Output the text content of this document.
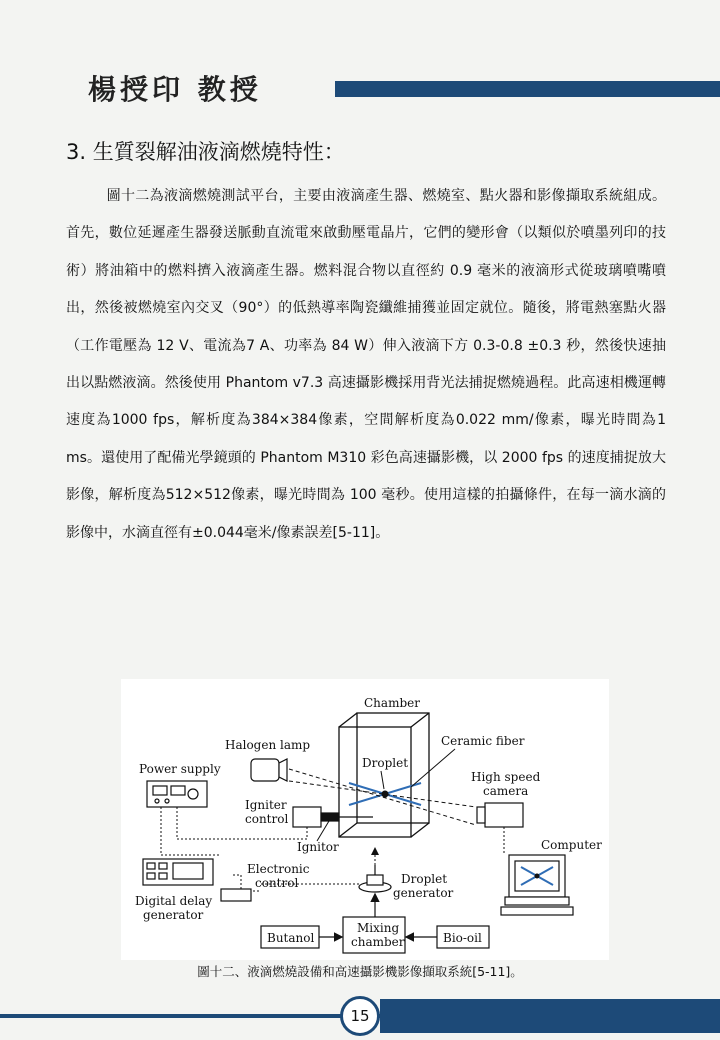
楊授印 教授
3. 生質裂解油液滴燃燒特性：

圖十二為液滴燃燒測試平台，主要由液滴產生器、燃燒室、點火器和影像擷取系統組成。首先，數位延遲產生器發送脈動直流電來啟動壓電晶片，它們的變形會（以類似於噴墨列印的技術）將油箱中的燃料擠入液滴產生器。燃料混合物以直徑約 0.9 毫米的液滴形式從玻璃噴嘴噴出，然後被燃燒室內交叉（90°）的低熱導率陶瓷纖維捕獲並固定就位。隨後，將電熱塞點火器（工作電壓為 12 V、電流為7 A、功率為 84 W）伸入液滴下方 0.3-0.8 ±0.3 秒，然後快速抽出以點燃液滴。然後使用 Phantom v7.3 高速攝影機採用背光法捕捉燃燒過程。此高速相機運轉速度為1000 fps，解析度為384×384像素，空間解析度為0.022 mm/像素，曝光時間為1 ms。還使用了配備光學鏡頭的 Phantom M310 彩色高速攝影機，以 2000 fps 的速度捕捉放大影像，解析度為512×512像素，曝光時間為 100 毫秒。使用這樣的拍攝條件，在每一滴水滴的影像中，水滴直徑有±0.044毫米/像素誤差[5-11]。

Chamber
Droplet
Ceramic fiber
Halogen lamp
High speed
camera
Power supply
Igniter
control
Ignitor
Electronic
control
Digital delay
generator
Droplet
generator
Butanol
Mixing
chamber	Bio-oil
Computer
圖十二、液滴燃燒設備和高速攝影機影像擷取系統[5-11]。
15
